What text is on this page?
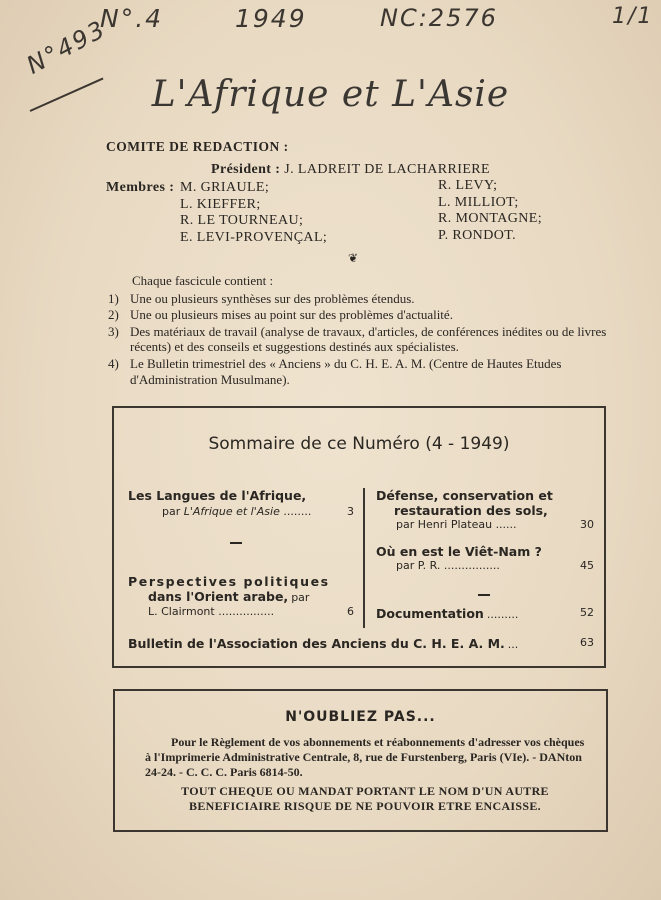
N°.4	1949	NC:2576	1/1
N°493
L'Afrique et L'Asie
COMITE DE REDACTION :
Président : J. LADREIT DE LACHARRIERE
Membres : M. GRIAULE;
L. KIEFFER;
R. LE TOURNEAU;
E. LEVI-PROVENÇAL;
R. LEVY;
L. MILLIOT;
R. MONTAGNE;
P. RONDOT.
❦
Chaque fascicule contient :
1) Une ou plusieurs synthèses sur des problèmes étendus.
2) Une ou plusieurs mises au point sur des problèmes d'actualité.
3) Des matériaux de travail (analyse de travaux, d'articles, de conférences inédites ou de livres récents) et des conseils et suggestions destinés aux spécialistes.
4) Le Bulletin trimestriel des « Anciens » du C. H. E. A. M. (Centre de Hautes Etudes d'Administration Musulmane).
Sommaire de ce Numéro (4 - 1949)
Les Langues de l'Afrique,
par L'Afrique et l'Asie ........	3
Perspectives politiques
dans l'Orient arabe, par
L. Clairmont ................	6
Défense, conservation et
restauration des sols,
par Henri Plateau ......	30
Où en est le Viêt-Nam ?
par P. R. ................	45
Documentation .........	52
Bulletin de l'Association des Anciens du C. H. E. A. M. ...	63
N'OUBLIEZ PAS...
Pour le Règlement de vos abonnements et réabonnements d'adresser vos chèques à l'Imprimerie Administrative Centrale, 8, rue de Furstenberg, Paris (VIe). - DANton 24-24. - C. C. C. Paris 6814-50.
TOUT CHEQUE OU MANDAT PORTANT LE NOM D'UN AUTRE BENEFICIAIRE RISQUE DE NE POUVOIR ETRE ENCAISSE.
